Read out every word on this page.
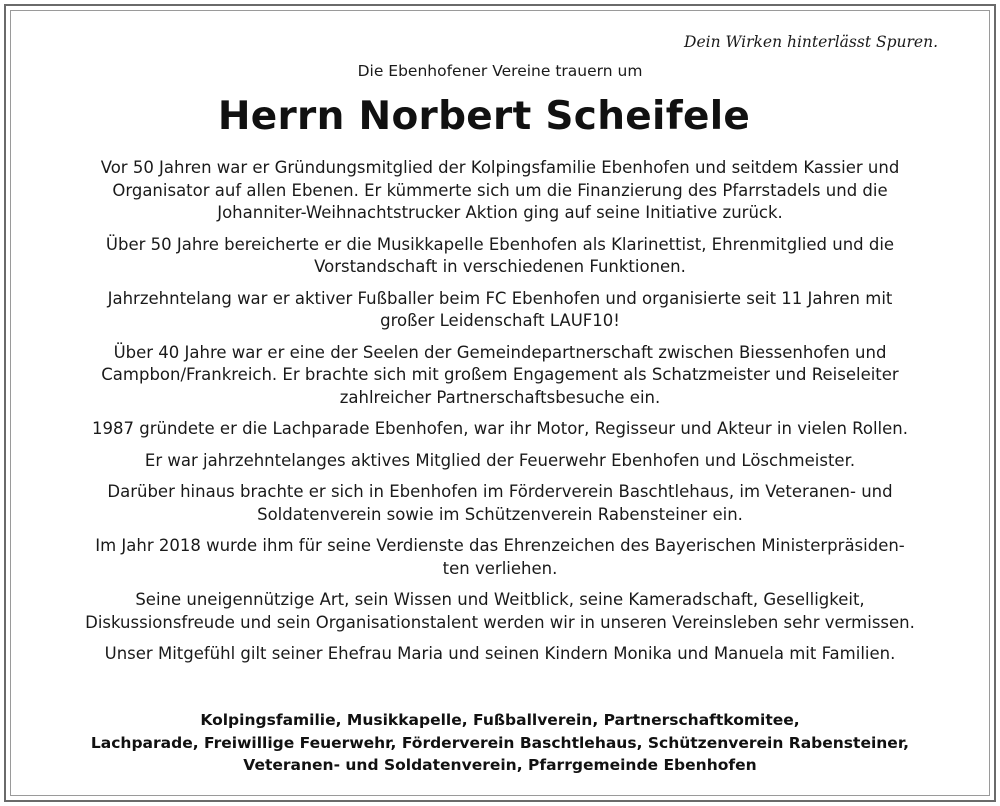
Dein Wirken hinterlässt Spuren.

Die Ebenhofener Vereine trauern um

Herrn Norbert Scheifele

Vor 50 Jahren war er Gründungsmitglied der Kolpingsfamilie Ebenhofen und seitdem Kassier und
Organisator auf allen Ebenen. Er kümmerte sich um die Finanzierung des Pfarrstadels und die
Johanniter-Weihnachtstrucker Aktion ging auf seine Initiative zurück.

Über 50 Jahre bereicherte er die Musikkapelle Ebenhofen als Klarinettist, Ehrenmitglied und die
Vorstandschaft in verschiedenen Funktionen.

Jahrzehntelang war er aktiver Fußballer beim FC Ebenhofen und organisierte seit 11 Jahren mit
großer Leidenschaft LAUF10!

Über 40 Jahre war er eine der Seelen der Gemeindepartnerschaft zwischen Biessenhofen und
Campbon/Frankreich. Er brachte sich mit großem Engagement als Schatzmeister und Reiseleiter
zahlreicher Partnerschaftsbesuche ein.

1987 gründete er die Lachparade Ebenhofen, war ihr Motor, Regisseur und Akteur in vielen Rollen.

Er war jahrzehntelanges aktives Mitglied der Feuerwehr Ebenhofen und Löschmeister.

Darüber hinaus brachte er sich in Ebenhofen im Förderverein Baschtlehaus, im Veteranen- und
Soldatenverein sowie im Schützenverein Rabensteiner ein.

Im Jahr 2018 wurde ihm für seine Verdienste das Ehrenzeichen des Bayerischen Ministerpräsiden-
ten verliehen.

Seine uneigennützige Art, sein Wissen und Weitblick, seine Kameradschaft, Geselligkeit,
Diskussionsfreude und sein Organisationstalent werden wir in unseren Vereinsleben sehr vermissen.

Unser Mitgefühl gilt seiner Ehefrau Maria und seinen Kindern Monika und Manuela mit Familien.

Kolpingsfamilie, Musikkapelle, Fußballverein, Partnerschaftkomitee,
Lachparade, Freiwillige Feuerwehr, Förderverein Baschtlehaus, Schützenverein Rabensteiner,
Veteranen- und Soldatenverein, Pfarrgemeinde Ebenhofen
